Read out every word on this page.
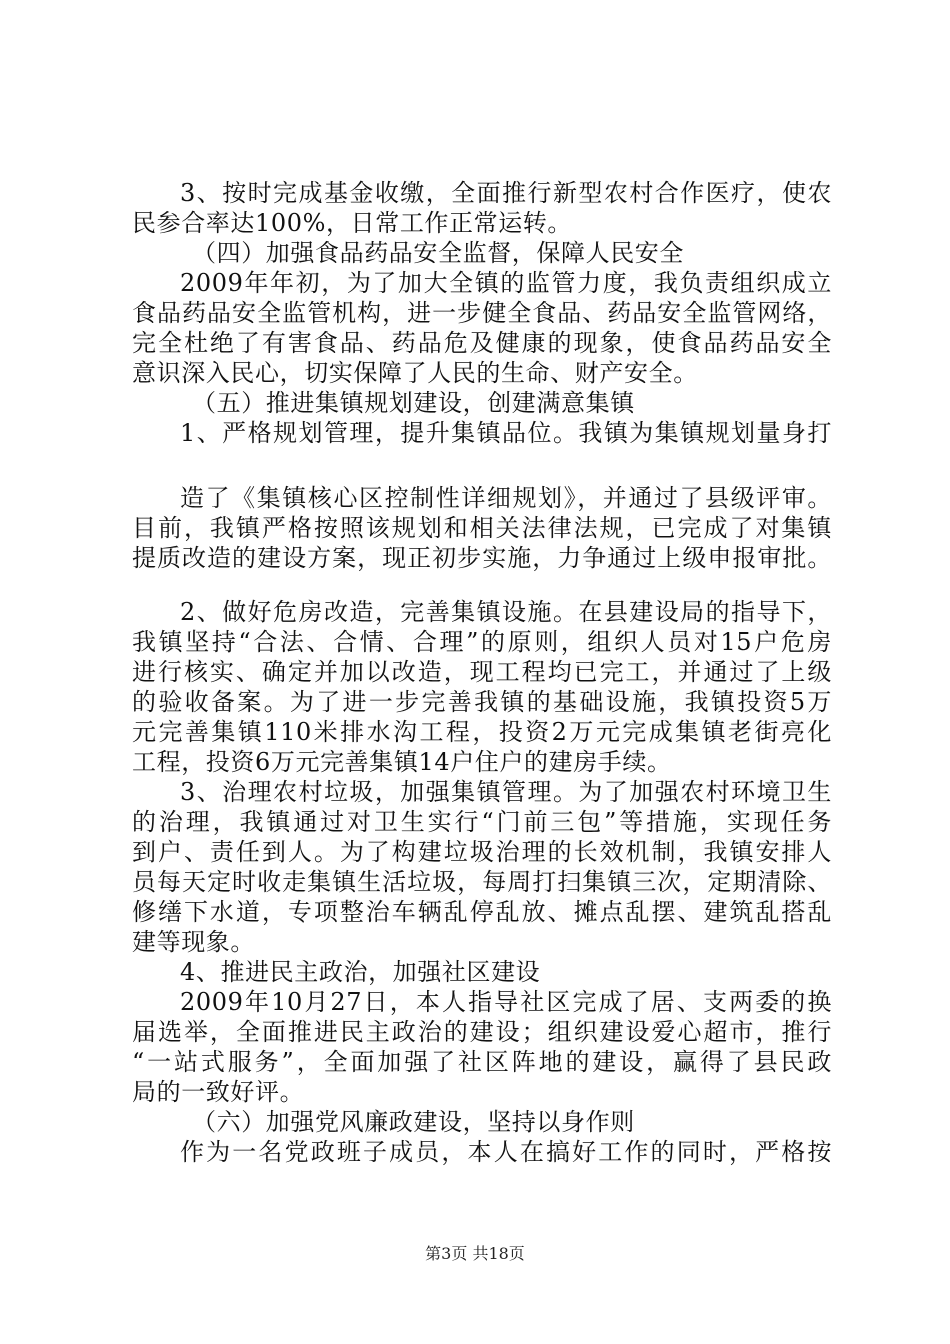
3、按时完成基金收缴，全面推行新型农村合作医疗，使农
民参合率达100%，日常工作正常运转。
（四）加强食品药品安全监督，保障人民安全
2009年年初，为了加大全镇的监管力度，我负责组织成立
食品药品安全监管机构，进一步健全食品、药品安全监管网络，
完全杜绝了有害食品、药品危及健康的现象，使食品药品安全
意识深入民心，切实保障了人民的生命、财产安全。
（五）推进集镇规划建设，创建满意集镇
1、严格规划管理，提升集镇品位。我镇为集镇规划量身打
造了《集镇核心区控制性详细规划》，并通过了县级评审。
目前，我镇严格按照该规划和相关法律法规，已完成了对集镇
提质改造的建设方案，现正初步实施，力争通过上级申报审批。
2、做好危房改造，完善集镇设施。在县建设局的指导下，
我镇坚持“合法、合情、合理”的原则，组织人员对15户危房
进行核实、确定并加以改造，现工程均已完工，并通过了上级
的验收备案。为了进一步完善我镇的基础设施，我镇投资5万
元完善集镇110米排水沟工程，投资2万元完成集镇老街亮化
工程，投资6万元完善集镇14户住户的建房手续。
3、治理农村垃圾，加强集镇管理。为了加强农村环境卫生
的治理，我镇通过对卫生实行“门前三包”等措施，实现任务
到户、责任到人。为了构建垃圾治理的长效机制，我镇安排人
员每天定时收走集镇生活垃圾，每周打扫集镇三次，定期清除、
修缮下水道，专项整治车辆乱停乱放、摊点乱摆、建筑乱搭乱
建等现象。
4、推进民主政治，加强社区建设
2009年10月27日，本人指导社区完成了居、支两委的换
届选举，全面推进民主政治的建设；组织建设爱心超市，推行
“一站式服务”，全面加强了社区阵地的建设，赢得了县民政
局的一致好评。
（六）加强党风廉政建设，坚持以身作则
作为一名党政班子成员，本人在搞好工作的同时，严格按
第3页 共18页
